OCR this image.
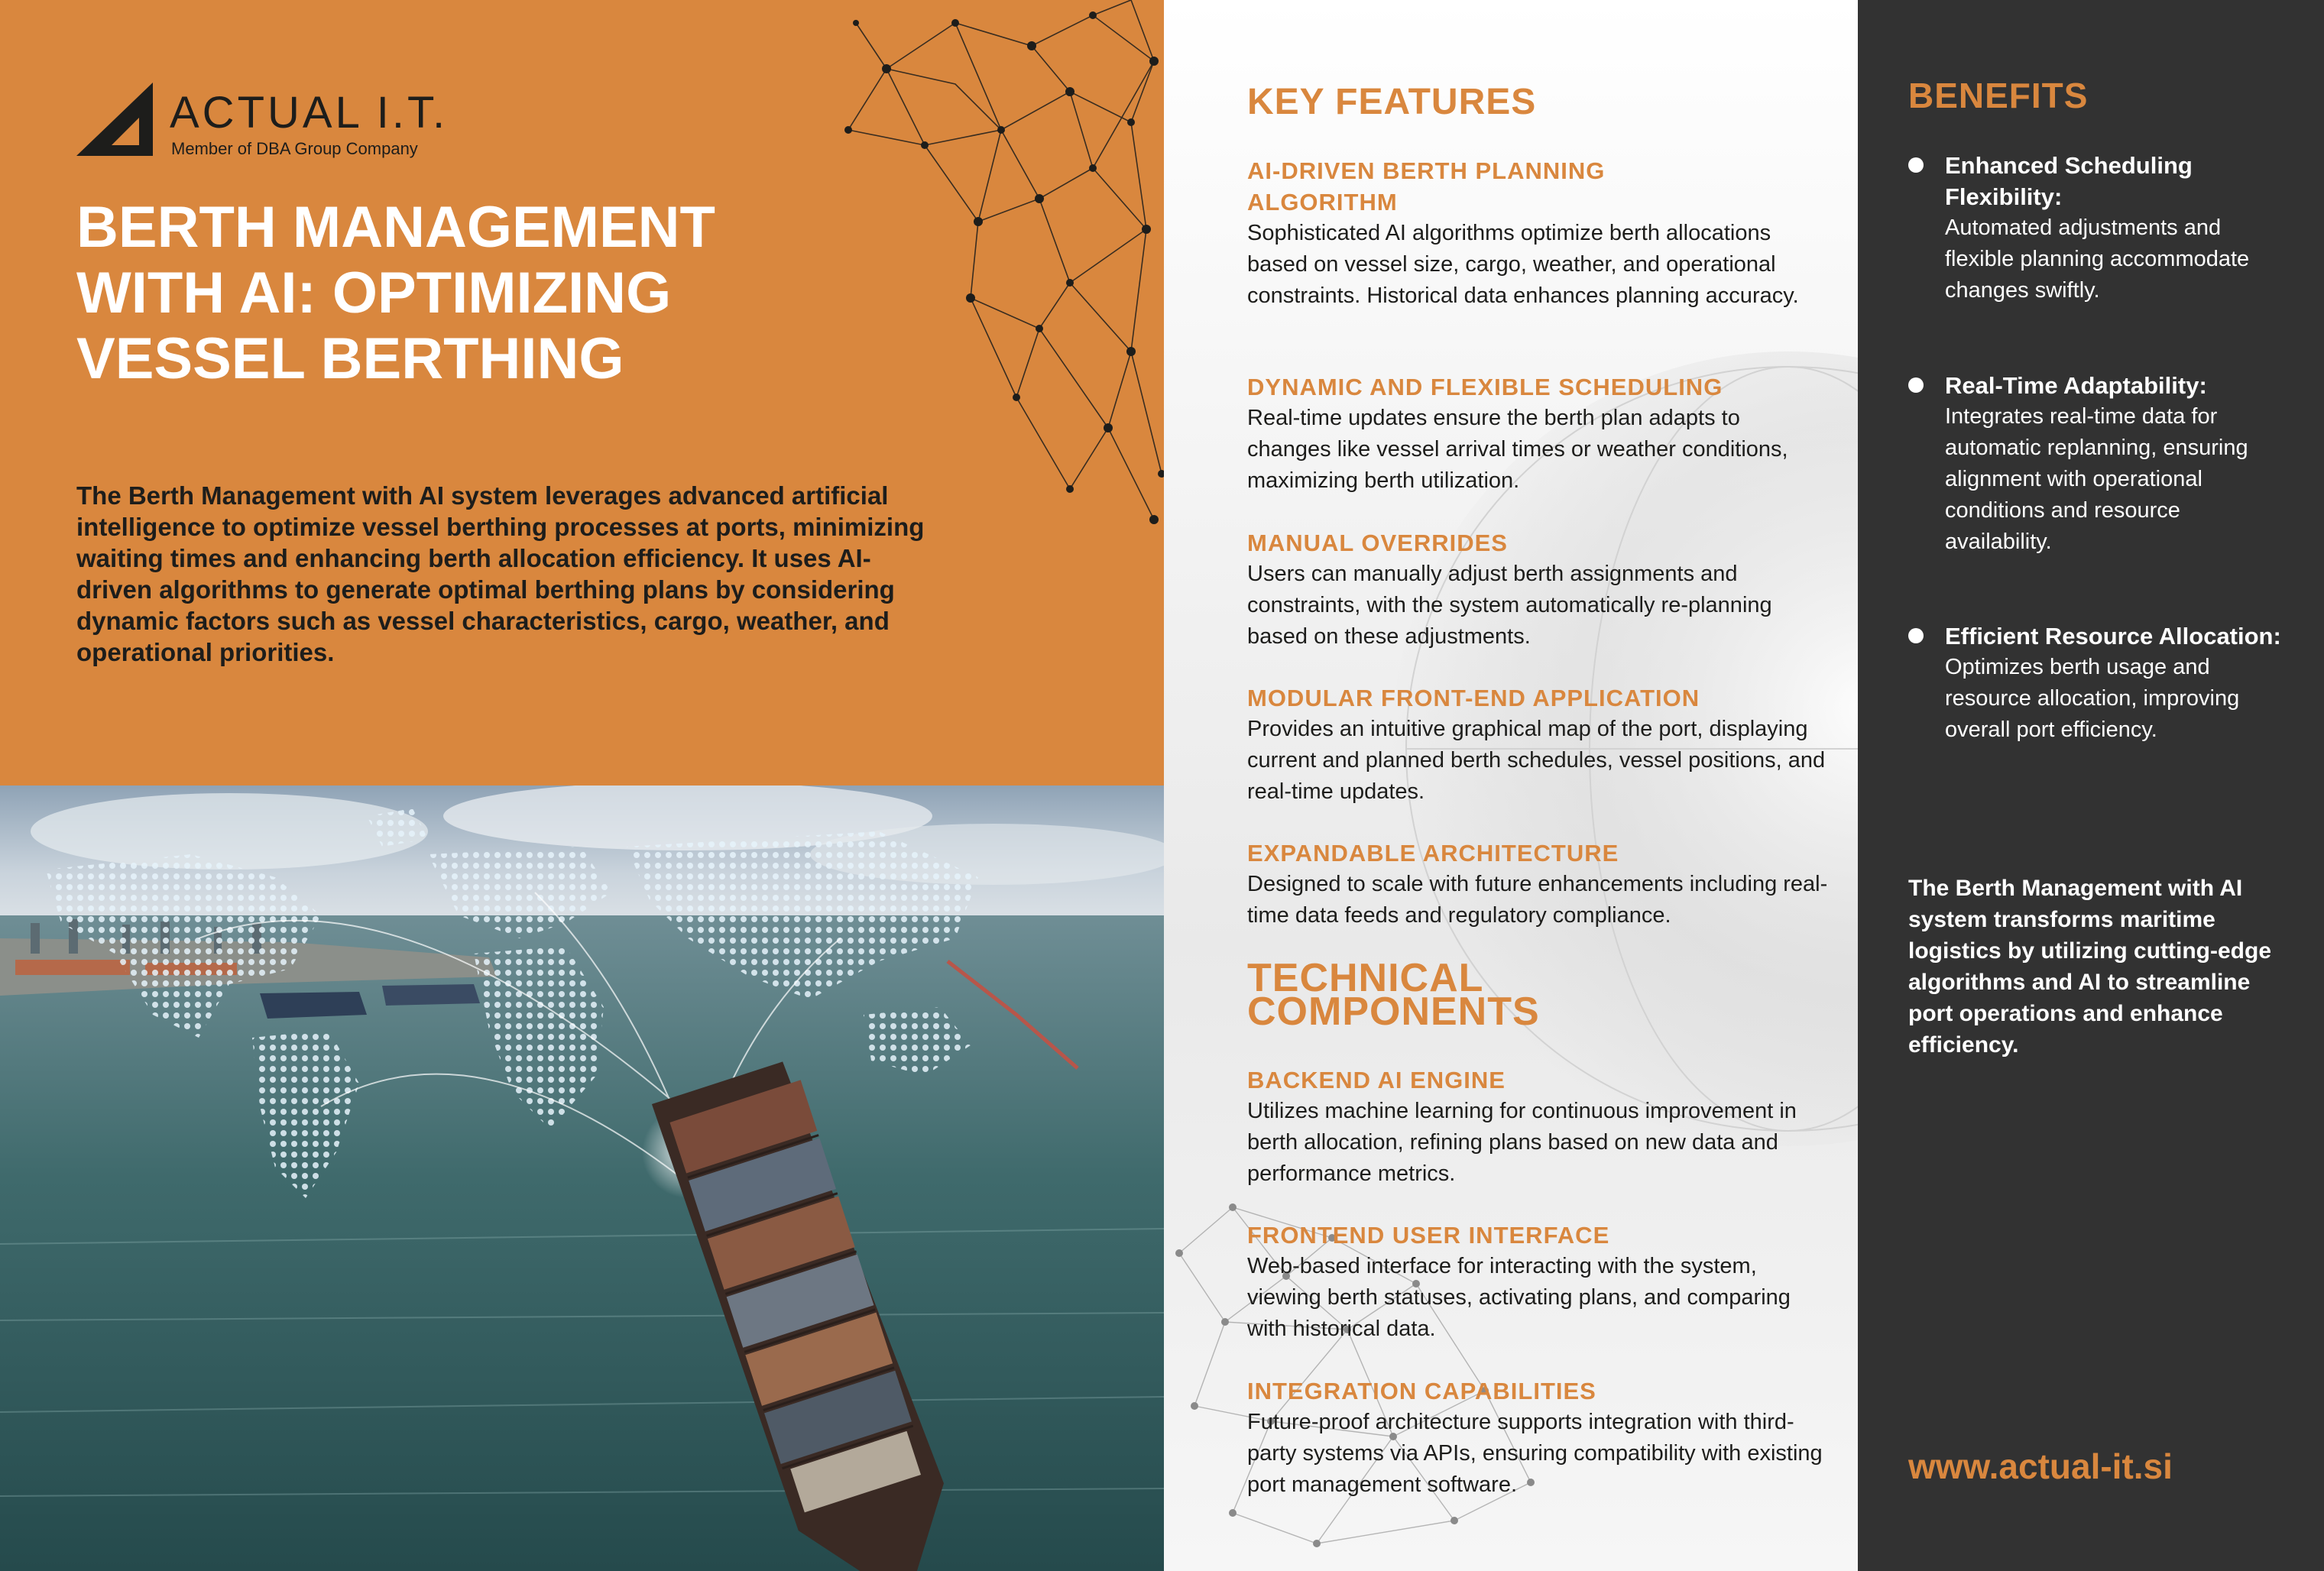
ACTUAL I.T.
Member of DBA Group Company
BERTH MANAGEMENT
WITH AI: OPTIMIZING
VESSEL BERTHING

The Berth Management with AI system leverages advanced artificial intelligence to optimize vessel berthing processes at ports, minimizing waiting times and enhancing berth allocation efficiency. It uses AI-driven algorithms to generate optimal berthing plans by considering dynamic factors such as vessel characteristics, cargo, weather, and operational priorities.

KEY FEATURES

AI-DRIVEN BERTH PLANNING
ALGORITHM

Sophisticated AI algorithms optimize berth allocations based on vessel size, cargo, weather, and operational constraints. Historical data enhances planning accuracy.

DYNAMIC AND FLEXIBLE SCHEDULING

Real-time updates ensure the berth plan adapts to changes like vessel arrival times or weather conditions, maximizing berth utilization.

MANUAL OVERRIDES

Users can manually adjust berth assignments and constraints, with the system automatically re-planning based on these adjustments.

MODULAR FRONT-END APPLICATION

Provides an intuitive graphical map of the port, displaying current and planned berth schedules, vessel positions, and real-time updates.

EXPANDABLE ARCHITECTURE

Designed to scale with future enhancements including real-time data feeds and regulatory compliance.

TECHNICAL
COMPONENTS

BACKEND AI ENGINE

Utilizes machine learning for continuous improvement in berth allocation, refining plans based on new data and performance metrics.

FRONTEND USER INTERFACE

Web-based interface for interacting with the system, viewing berth statuses, activating plans, and comparing with historical data.

INTEGRATION CAPABILITIES

Future-proof architecture supports integration with third-party systems via APIs, ensuring compatibility with existing port management software.

BENEFITS

Enhanced Scheduling Flexibility:

Automated adjustments and flexible planning accommodate changes swiftly.

Real-Time Adaptability:

Integrates real-time data for automatic replanning, ensuring alignment with operational conditions and resource availability.

Efficient Resource Allocation:

Optimizes berth usage and resource allocation, improving overall port efficiency.

The Berth Management with AI system transforms maritime logistics by utilizing cutting-edge algorithms and AI to streamline port operations and enhance efficiency.

www.actual-it.si
